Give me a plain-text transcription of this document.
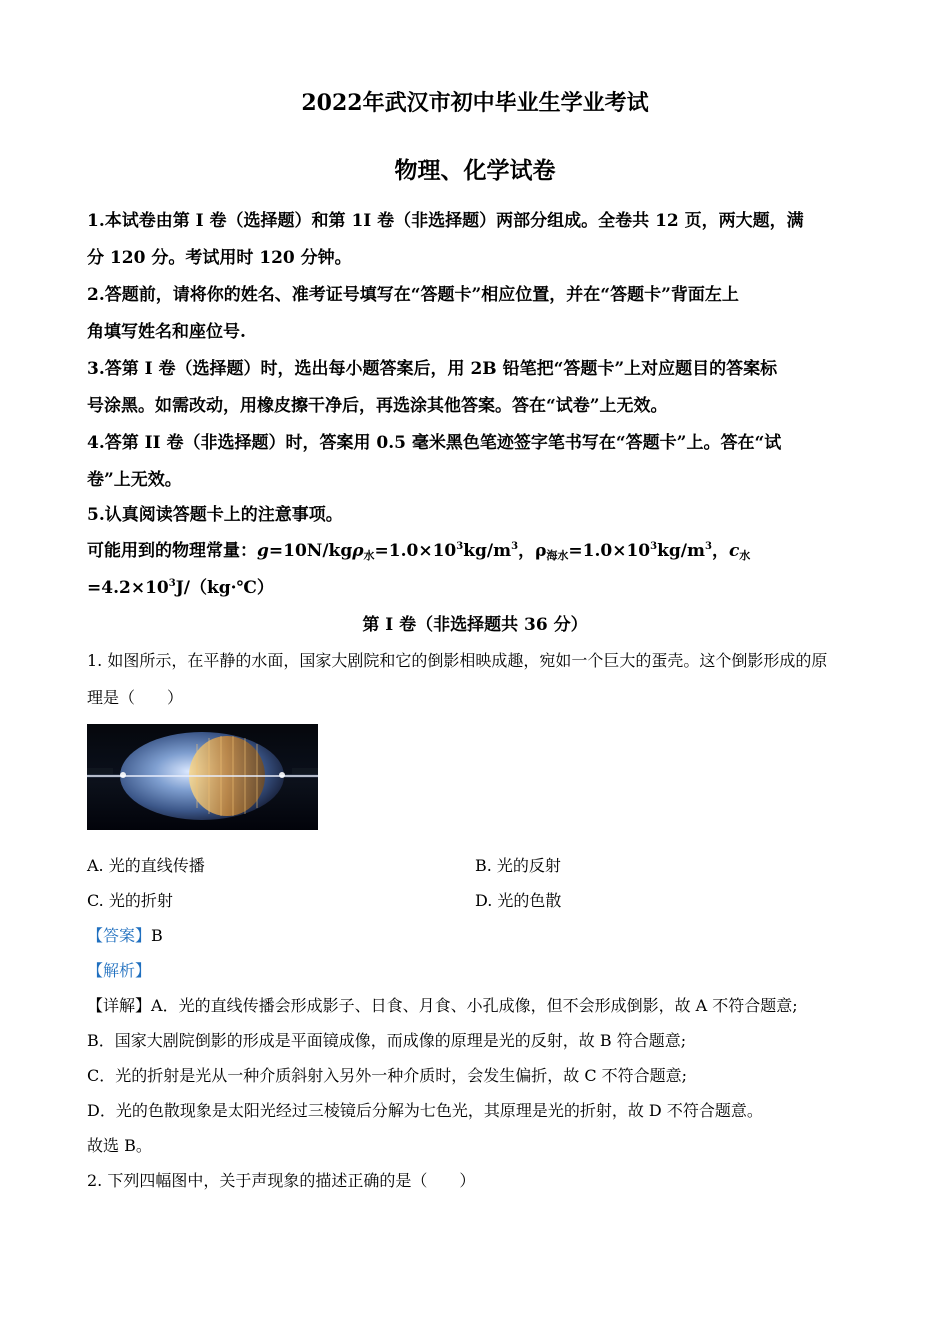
2022年武汉市初中毕业生学业考试
物理、化学试卷
1.本试卷由第 I 卷（选择题）和第 1I 卷（非选择题）两部分组成。全卷共 12 页，两大题，满
分 120 分。考试用时 120 分钟。
2.答题前，请将你的姓名、准考证号填写在“答题卡”相应位置，并在“答题卡”背面左上
角填写姓名和座位号.
3.答第 I 卷（选择题）时，选出每小题答案后，用 2B 铅笔把“答题卡”上对应题目的答案标
号涂黑。如需改动，用橡皮擦干净后，再选涂其他答案。答在“试卷”上无效。
4.答第 II 卷（非选择题）时，答案用 0.5 毫米黑色笔迹签字笔书写在“答题卡”上。答在“试
卷”上无效。
5.认真阅读答题卡上的注意事项。
可能用到的物理常量：$g=10N/kg\rho_水=1.0\times 10^3kg/m^3$，$\rho_{海水}=1.0\times 10^3kg/m^3$，$c_水$
$=4.2\times 10^3J/(kg\cdot℃)$
第 I 卷（非选择题共 36 分）
1. 如图所示，在平静的水面，国家大剧院和它的倒影相映成趣，宛如一个巨大的蛋壳。这个倒影形成的原
理是（　　）
A. 光的直线传播	B. 光的反射
C. 光的折射	D. 光的色散
【答案】B
【解析】
【详解】A．光的直线传播会形成影子、日食、月食、小孔成像，但不会形成倒影，故 A 不符合题意;
B．国家大剧院倒影的形成是平面镜成像，而成像的原理是光的反射，故 B 符合题意;
C．光的折射是光从一种介质斜射入另外一种介质时，会发生偏折，故 C 不符合题意;
D．光的色散现象是太阳光经过三棱镜后分解为七色光，其原理是光的折射，故 D 不符合题意。
故选 B。
2. 下列四幅图中，关于声现象的描述正确的是（　　）
